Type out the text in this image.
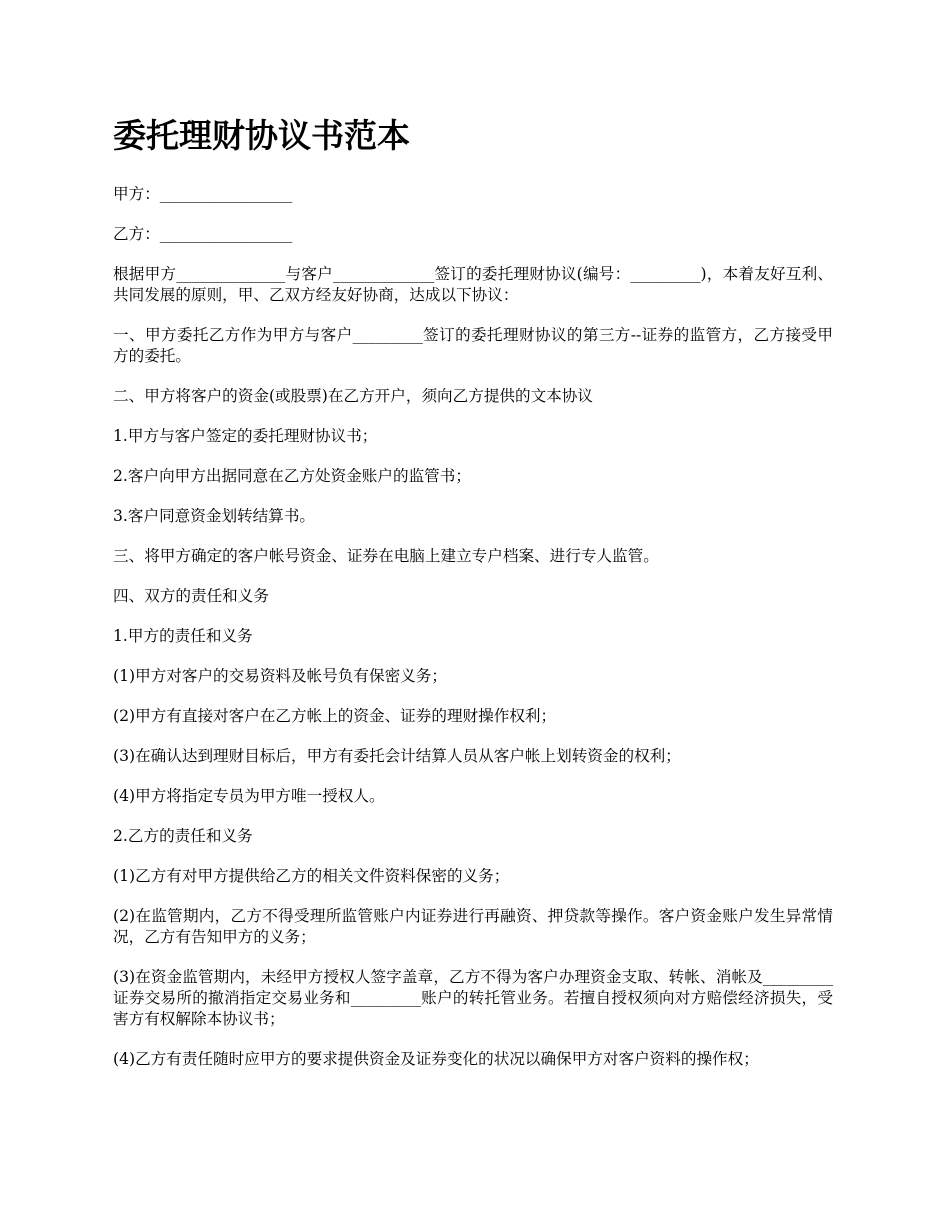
委托理财协议书范本

甲方：_________________

乙方：_________________

根据甲方______________与客户_____________签订的委托理财协议(编号：_________)，本着友好互利、共同发展的原则，甲、乙双方经友好协商，达成以下协议：

一、甲方委托乙方作为甲方与客户_________签订的委托理财协议的第三方--证券的监管方，乙方接受甲方的委托。

二、甲方将客户的资金(或股票)在乙方开户，须向乙方提供的文本协议

1.甲方与客户签定的委托理财协议书；

2.客户向甲方出据同意在乙方处资金账户的监管书；

3.客户同意资金划转结算书。

三、将甲方确定的客户帐号资金、证券在电脑上建立专户档案、进行专人监管。

四、双方的责任和义务

1.甲方的责任和义务

(1)甲方对客户的交易资料及帐号负有保密义务；

(2)甲方有直接对客户在乙方帐上的资金、证券的理财操作权利；

(3)在确认达到理财目标后，甲方有委托会计结算人员从客户帐上划转资金的权利；

(4)甲方将指定专员为甲方唯一授权人。

2.乙方的责任和义务

(1)乙方有对甲方提供给乙方的相关文件资料保密的义务；

(2)在监管期内，乙方不得受理所监管账户内证券进行再融资、押贷款等操作。客户资金账户发生异常情况，乙方有告知甲方的义务；

(3)在资金监管期内，未经甲方授权人签字盖章，乙方不得为客户办理资金支取、转帐、消帐及_________证券交易所的撤消指定交易业务和_________账户的转托管业务。若擅自授权须向对方赔偿经济损失，受害方有权解除本协议书；

(4)乙方有责任随时应甲方的要求提供资金及证券变化的状况以确保甲方对客户资料的操作权；
